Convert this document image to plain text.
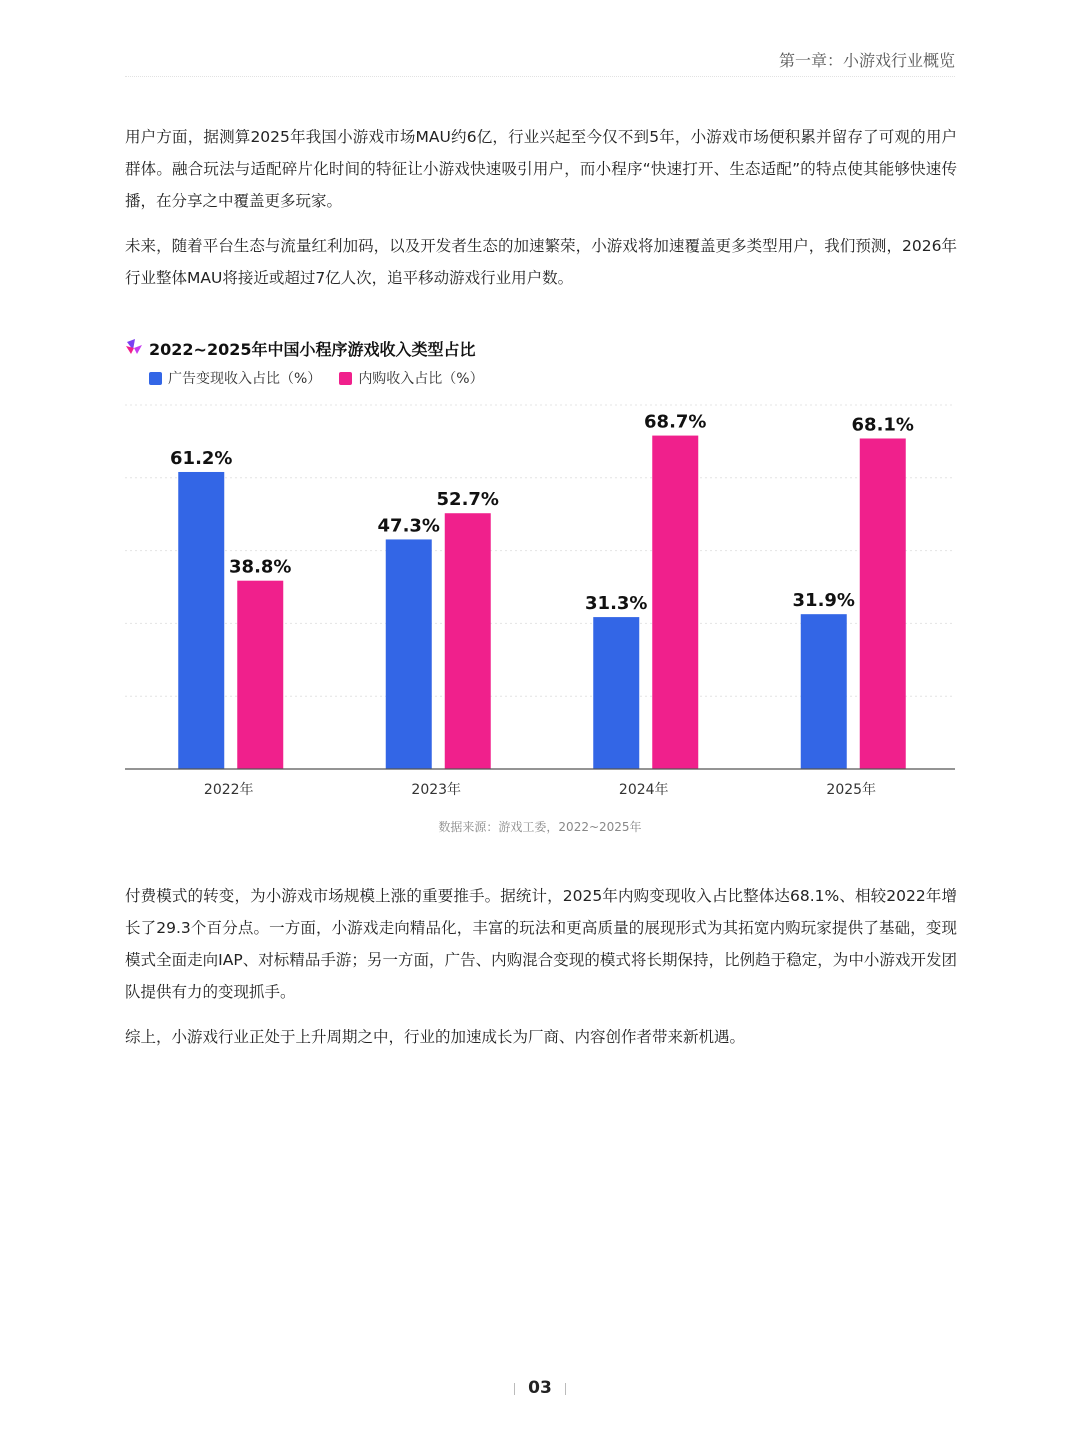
第一章：小游戏行业概览

用户方面，据测算2025年我国小游戏市场MAU约6亿，行业兴起至今仅不到5年，小游戏市场便积累并留存了可观的用户群体。融合玩法与适配碎片化时间的特征让小游戏快速吸引用户，而小程序“快速打开、生态适配”的特点使其能够快速传播，在分享之中覆盖更多玩家。

未来，随着平台生态与流量红利加码，以及开发者生态的加速繁荣，小游戏将加速覆盖更多类型用户，我们预测，2026年行业整体MAU将接近或超过7亿人次，追平移动游戏行业用户数。

2022~2025年中国小程序游戏收入类型占比
广告变现收入占比（%）	内购收入占比（%）
61.2%
38.8%
2022年
47.3%
52.7%
2023年
31.3%
68.7%
2024年
31.9%
68.1%
2025年
数据来源：游戏工委，2022~2025年

付费模式的转变，为小游戏市场规模上涨的重要推手。据统计，2025年内购变现收入占比整体达68.1%、相较2022年增长了29.3个百分点。一方面，小游戏走向精品化，丰富的玩法和更高质量的展现形式为其拓宽内购玩家提供了基础，变现模式全面走向IAP、对标精品手游；另一方面，广告、内购混合变现的模式将长期保持，比例趋于稳定，为中小游戏开发团队提供有力的变现抓手。

综上，小游戏行业正处于上升周期之中，行业的加速成长为厂商、内容创作者带来新机遇。

03
